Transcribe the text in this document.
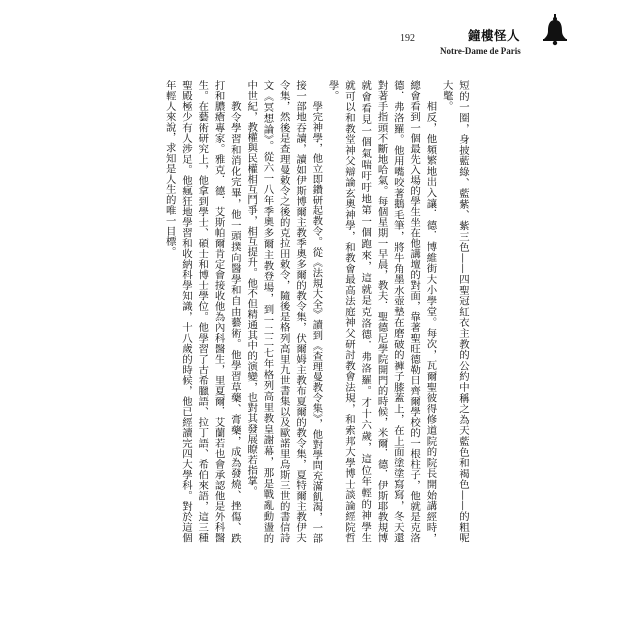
192	鐘樓怪人
Notre-Dame de Paris
短的一圈，身披藍綠、藍紫、紫三色——四聖冠紅衣主教的公約中稱之為天藍色和褐色——的粗呢
大氅。
相反，他頻繁地出入讓．德．博維街大小學堂。每次，瓦爾聖彼得修道院的院長開始講經時，
總會看到一個最先入場的學生坐在他講壇的對面，靠著聖旺德勒日齊爾學校的一根柱子，他就是克洛
德．弗洛羅。他用嘴咬著鵝毛筆，將牛角墨水壺墊在磨破的褲子膝蓋上，在上面塗塗寫寫，冬天還
對著手指頭不斷地哈氣。每個星期一早晨，教夫．聖德尼學院開門的時候，米爾．德．伊斯耶教規博
就會看見一個氣喘吁吁地第一個跑來，這就是克洛德．弗洛羅。才十六歲，這位年輕的神學生
就可以和教堂神父辯論玄奧神學，和教會最高法庭神父研討教會法規，和索邦大學博士談論經院哲
學。
學完神學，他立即鑽研起教令。從《法規大全》讀到《查理曼教令集》，他對學問充滿飢渴，一部
接一部地吞讀，讀如伊斯博爾主教季奧多爾的教令集，伏爾姆主教布夏爾的教令集，夏特爾主教伊夫
令集，然後是查理曼敕令之後的克拉田敕令，隨後是格列高里九世書集以及歐諾里烏斯三世的書信詩
文《冥想論》。從六一八年季奧多爾主教登場，到一二二七年格列高里教皇謝幕，那是戰亂動盪的
中世紀，教權與民權相互鬥爭，相互提升。他不但精通其中的演變，也對其發展瞭若指掌。
教令學習和消化完畢，他一頭撲向醫學和自由藝術。他學習草藥、膏藥，成為發燒、挫傷、跌
打和膿瘡專家。雅克．德．艾斯帕爾肯定會接收他為內科醫生，里夏爾．艾蘭若也會承認他是外科醫
生。在藝術研究上，他拿到學士、碩士和博士學位。他學習了古希臘語、拉丁語、希伯來語，這三種
聖殿極少有人涉足。他瘋狂地學習和收納科學知識，十八歲的時候，他已經讀完四大學科。對於這個
年輕人來說，求知是人生的唯一目標。
